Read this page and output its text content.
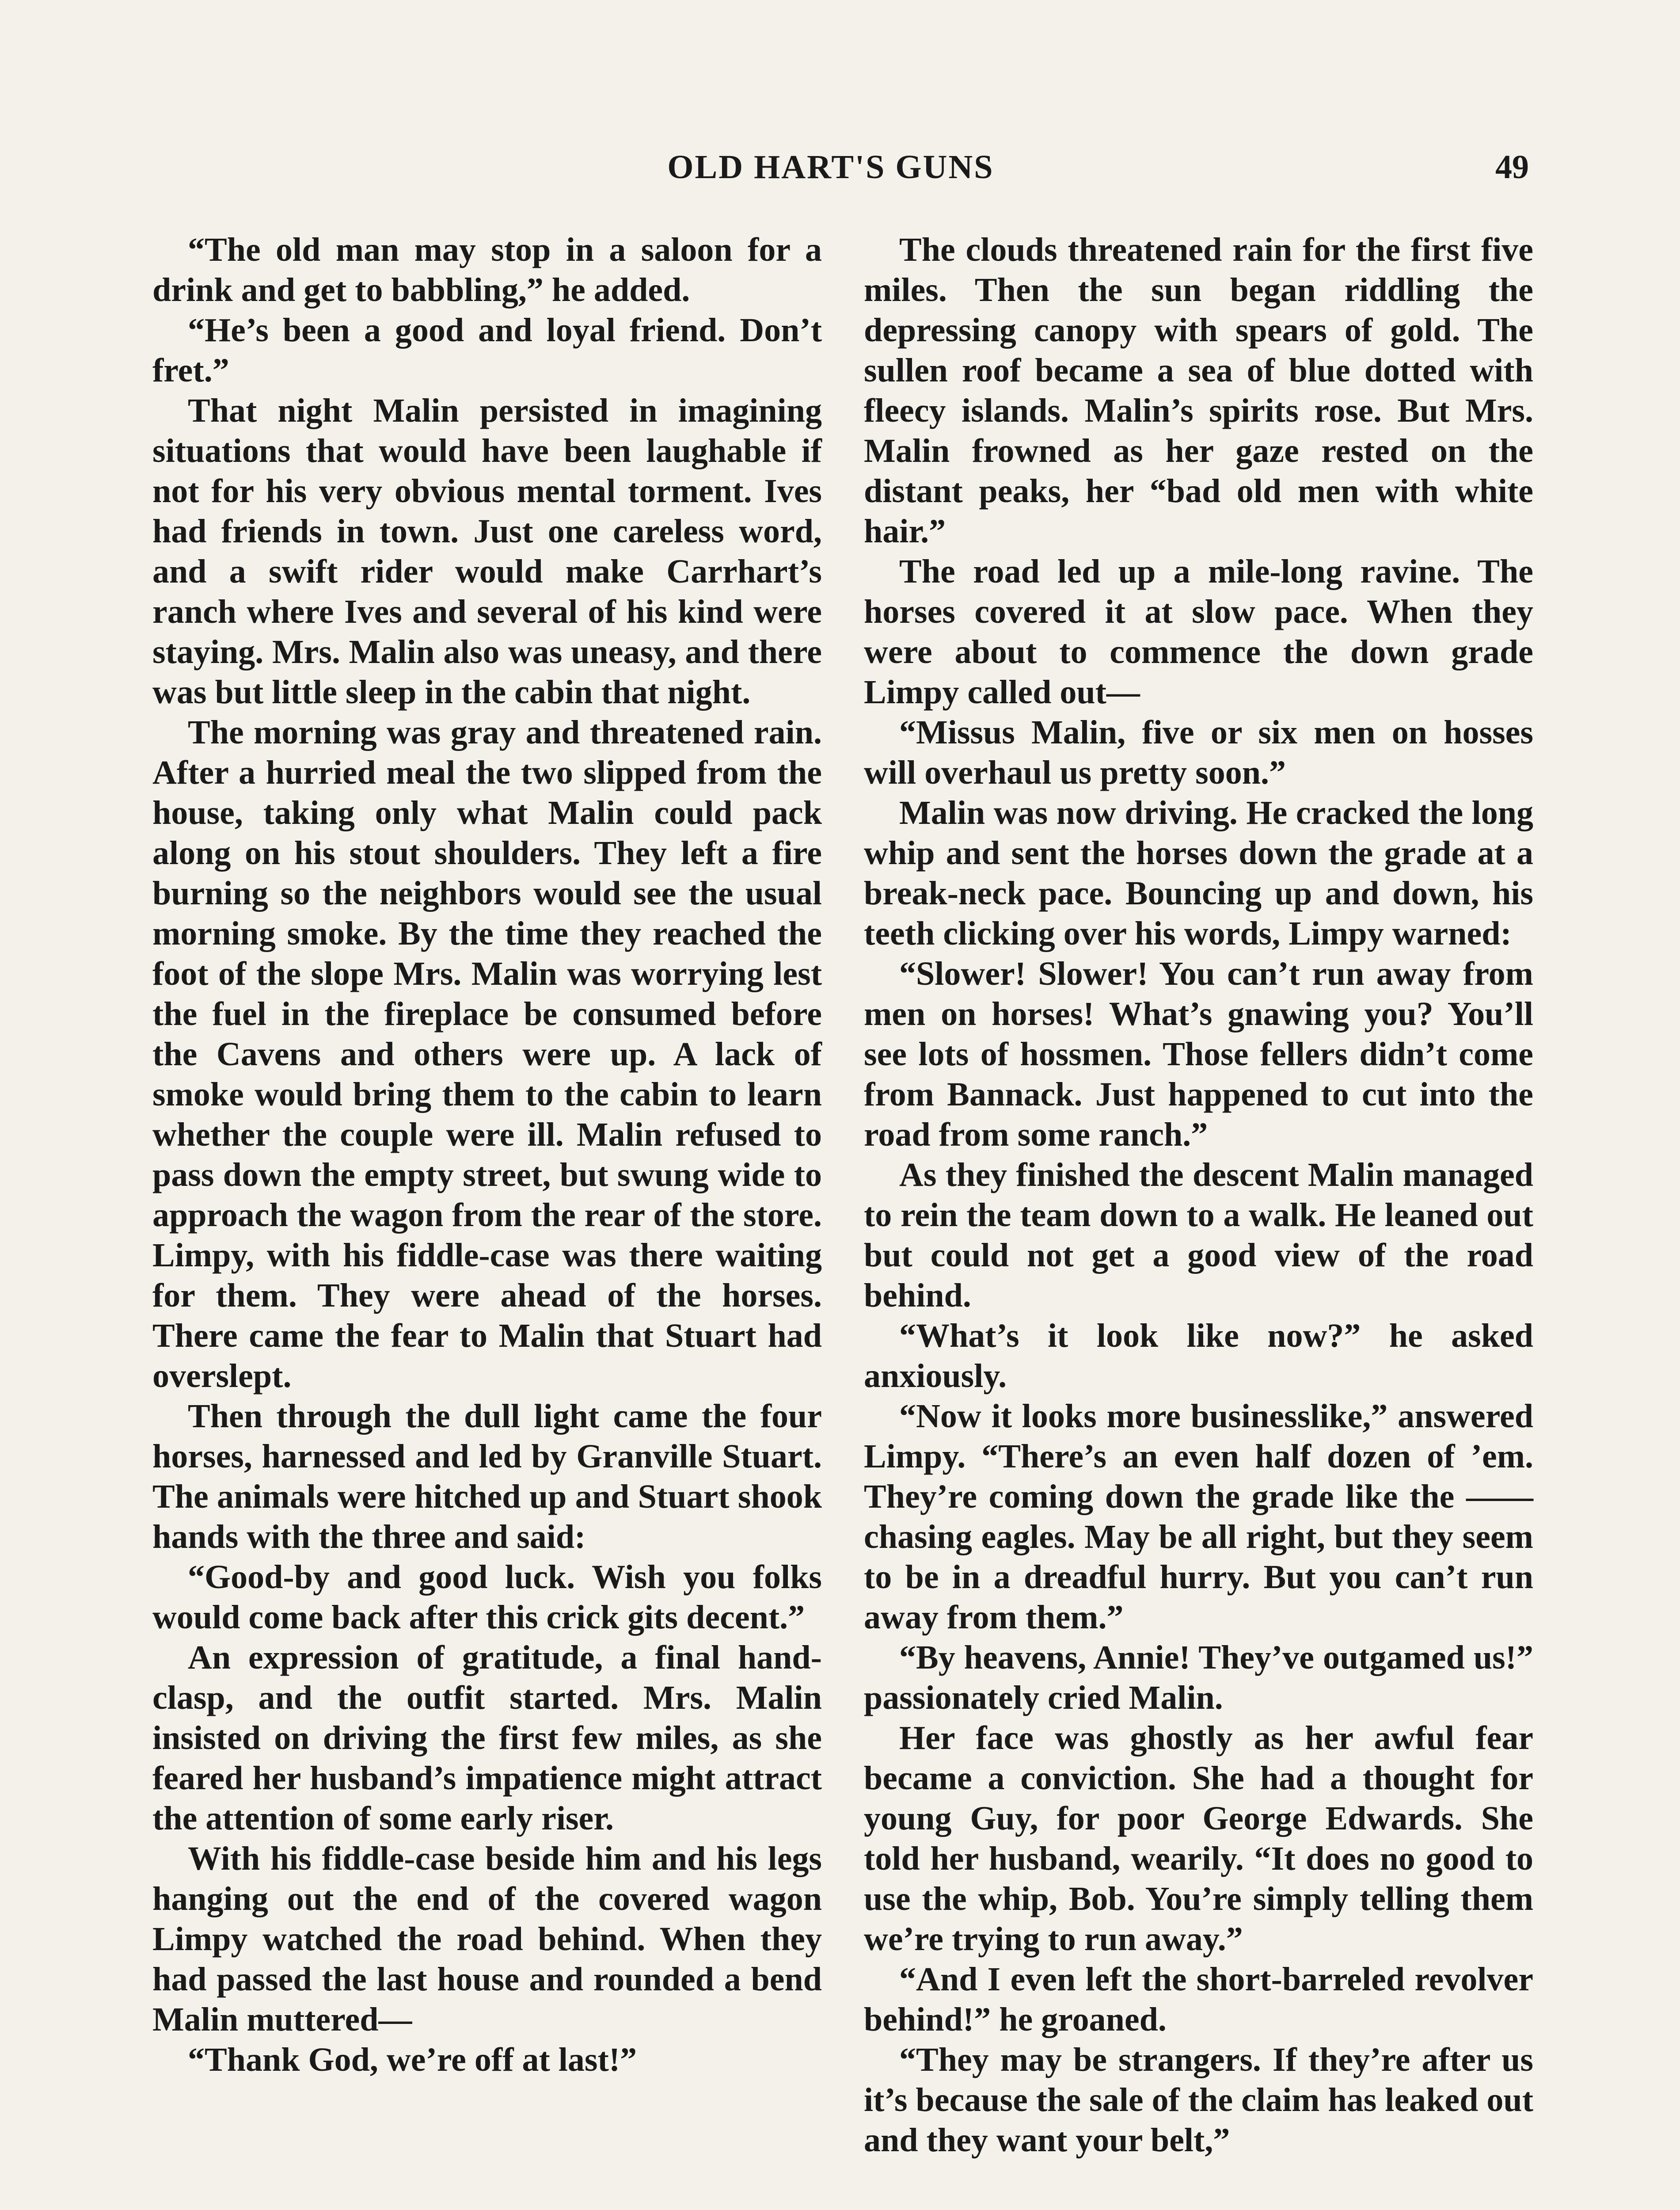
OLD HART'S GUNS	49

“The old man may stop in a saloon for a drink and get to babbling,” he added.

“He’s been a good and loyal friend. Don’t fret.”

That night Malin persisted in imagining situations that would have been laughable if not for his very obvious mental torment. Ives had friends in town. Just one careless word, and a swift rider would make Carrhart’s ranch where Ives and several of his kind were staying. Mrs. Malin also was uneasy, and there was but little sleep in the cabin that night.

The morning was gray and threatened rain. After a hurried meal the two slipped from the house, taking only what Malin could pack along on his stout shoulders. They left a fire burning so the neighbors would see the usual morning smoke. By the time they reached the foot of the slope Mrs. Malin was worrying lest the fuel in the fireplace be consumed before the Cavens and others were up. A lack of smoke would bring them to the cabin to learn whether the couple were ill. Malin refused to pass down the empty street, but swung wide to approach the wagon from the rear of the store. Limpy, with his fiddle-case was there waiting for them. They were ahead of the horses. There came the fear to Malin that Stuart had overslept.

Then through the dull light came the four horses, harnessed and led by Granville Stuart. The animals were hitched up and Stuart shook hands with the three and said:

“Good-by and good luck. Wish you folks would come back after this crick gits decent.”

An expression of gratitude, a final hand-clasp, and the outfit started. Mrs. Malin insisted on driving the first few miles, as she feared her husband’s impatience might attract the attention of some early riser.

With his fiddle-case beside him and his legs hanging out the end of the covered wagon Limpy watched the road behind. When they had passed the last house and rounded a bend Malin muttered—

“Thank God, we’re off at last!”

The clouds threatened rain for the first five miles. Then the sun began riddling the depressing canopy with spears of gold. The sullen roof became a sea of blue dotted with fleecy islands. Malin’s spirits rose. But Mrs. Malin frowned as her gaze rested on the distant peaks, her “bad old men with white hair.”

The road led up a mile-long ravine. The horses covered it at slow pace. When they were about to commence the down grade Limpy called out—

“Missus Malin, five or six men on hosses will overhaul us pretty soon.”

Malin was now driving. He cracked the long whip and sent the horses down the grade at a break-neck pace. Bouncing up and down, his teeth clicking over his words, Limpy warned:

“Slower! Slower! You can’t run away from men on horses! What’s gnawing you? You’ll see lots of hossmen. Those fellers didn’t come from Bannack. Just happened to cut into the road from some ranch.”

As they finished the descent Malin managed to rein the team down to a walk. He leaned out but could not get a good view of the road behind.

“What’s it look like now?” he asked anxiously.

“Now it looks more businesslike,” answered Limpy. “There’s an even half dozen of ’em. They’re coming down the grade like the —— chasing eagles. May be all right, but they seem to be in a dreadful hurry. But you can’t run away from them.”

“By heavens, Annie! They’ve outgamed us!” passionately cried Malin.

Her face was ghostly as her awful fear became a conviction. She had a thought for young Guy, for poor George Edwards. She told her husband, wearily. “It does no good to use the whip, Bob. You’re simply telling them we’re trying to run away.”

“And I even left the short-barreled revolver behind!” he groaned.

“They may be strangers. If they’re after us it’s because the sale of the claim has leaked out and they want your belt,”
